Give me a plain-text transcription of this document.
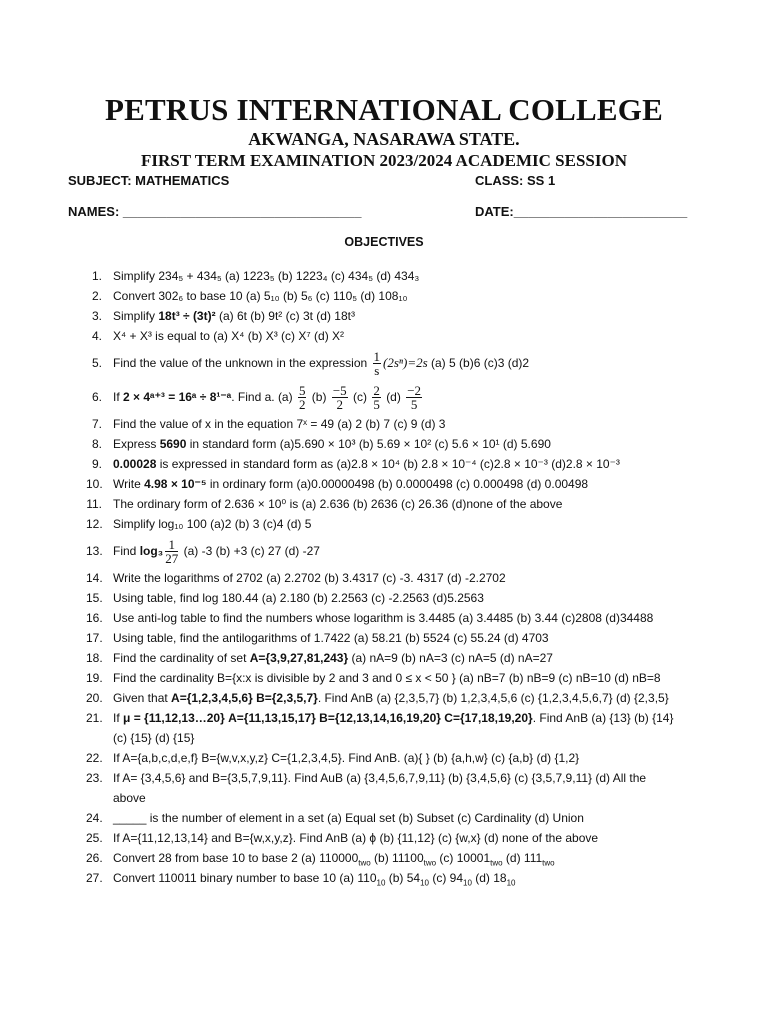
PETRUS INTERNATIONAL COLLEGE
AKWANGA, NASARAWA STATE.
FIRST TERM EXAMINATION 2023/2024 ACADEMIC SESSION
SUBJECT: MATHEMATICS	CLASS: SS 1
NAMES: _________________________________	DATE:________________________
OBJECTIVES
1. Simplify 234₅ + 434₅ (a) 1223₅ (b) 1223₄ (c) 434₅ (d) 434₃
2. Convert 302₆ to base 10 (a) 5₁₀ (b) 5₆ (c) 110₅ (d) 108₁₀
3. Simplify 18t³ ÷ (3t)² (a) 6t (b) 9t² (c) 3t (d) 18t³
4. X⁴ + X³ is equal to (a) X⁴ (b) X³ (c) X⁷ (d) X²
5. Find the value of the unknown in the expression $\frac{1}{s} (2s^n)=2s$ (a) 5 (b)6 (c)3 (d)2
6. If 2 × 4ᵃ⁺³ = 16ᵃ ÷ 8¹⁻ᵃ. Find a. $(a) \frac{5}{2} (b) \frac{-5}{2} (c) \frac{2}{5} (d) \frac{-2}{5}$
7. Find the value of x in the equation 7ˣ = 49 (a) 2 (b) 7 (c) 9 (d) 3
8. Express 5690 in standard form (a)5.690 × 10³ (b) 5.69 × 10² (c) 5.6 × 10¹ (d) 5.690
9. 0.00028 is expressed in standard form as (a)2.8 × 10⁴ (b) 2.8 × 10⁻⁴ (c)2.8 × 10⁻³ (d)2.8 × 10⁻³
10. Write 4.98 × 10⁻⁵ in ordinary form (a)0.00000498 (b) 0.0000498 (c) 0.000498 (d) 0.00498
11. The ordinary form of 2.636 × 10⁰ is (a) 2.636 (b) 2636 (c) 26.36 (d)none of the above
12. Simplify log₁₀ 100 (a)2 (b) 3 (c)4 (d) 5
13. Find $\log_3 \frac{1}{27} (a)$ -3 (b) +3 (c) 27 (d) -27
14. Write the logarithms of 2702 (a) 2.2702 (b) 3.4317 (c) -3. 4317 (d) -2.2702
15. Using table, find log 180.44 (a) 2.180 (b) 2.2563 (c) -2.2563 (d)5.2563
16. Use anti-log table to find the numbers whose logarithm is 3.4485 (a) 3.4485 (b) 3.44 (c)2808 (d)34488
17. Using table, find the antilogarithms of 1.7422 (a) 58.21 (b) 5524 (c) 55.24 (d) 4703
18. Find the cardinality of set A={3,9,27,81,243} (a) nA=9 (b) nA=3 (c) nA=5 (d) nA=27
19. Find the cardinality B={x:x is divisible by 2 and 3 and 0 ≤ x < 50 } (a) nB=7 (b) nB=9 (c) nB=10 (d) nB=8
20. Given that A={1,2,3,4,5,6} B={2,3,5,7}. Find AnB (a) {2,3,5,7} (b) 1,2,3,4,5,6 (c) {1,2,3,4,5,6,7} (d) {2,3,5}
21. If μ = {11,12,13…20} A={11,13,15,17} B={12,13,14,16,19,20} C={17,18,19,20}. Find AnB (a) {13} (b) {14}
(c) {15} (d) {15}
22. If A={a,b,c,d,e,f} B={w,v,x,y,z} C={1,2,3,4,5}. Find AnB. (a){ } (b) {a,h,w} (c) {a,b} (d) {1,2}
23. If A= {3,4,5,6} and B={3,5,7,9,11}. Find AuB (a) {3,4,5,6,7,9,11} (b) {3,4,5,6} (c) {3,5,7,9,11} (d) All the
above
24. _____ is the number of element in a set (a) Equal set (b) Subset (c) Cardinality (d) Union
25. If A={11,12,13,14} and B={w,x,y,z}. Find AnB (a) ϕ (b) {11,12} (c) {w,x} (d) none of the above
26. Convert 28 from base 10 to base 2 (a) $110000_{two}$ (b) $11100_{two}$ (c) $10001_{two}$ (d) $111_{two}$
27. Convert 110011 binary number to base 10 (a) $110_{10}$ (b) $54_{10}$ (c) $94_{10}$ (d) $18_{10}$
